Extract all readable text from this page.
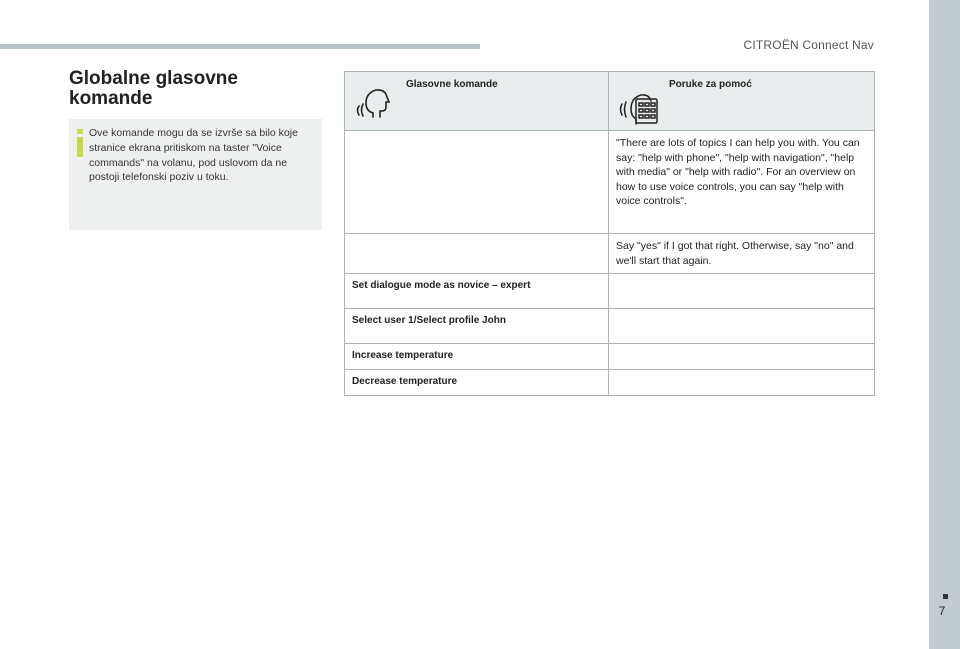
CITROËN Connect Nav
7
Globalne glasovne
komande
Ove komande mogu da se izvrše sa bilo koje stranice ekrana pritiskom na taster "Voice commands" na volanu, pod uslovom da ne postoji telefonski poziv u toku.
Glasovne komande	Poruke za pomoć

	"There are lots of topics I can help you with. You can say: "help with phone", "help with navigation", "help with media" or "help with radio". For an overview on how to use voice controls, you can say "help with voice controls".

	Say "yes" if I got that right. Otherwise, say "no" and we'll start that again.

Set dialogue mode as novice – expert	

Select user 1/Select profile John	

Increase temperature	

Decrease temperature	
